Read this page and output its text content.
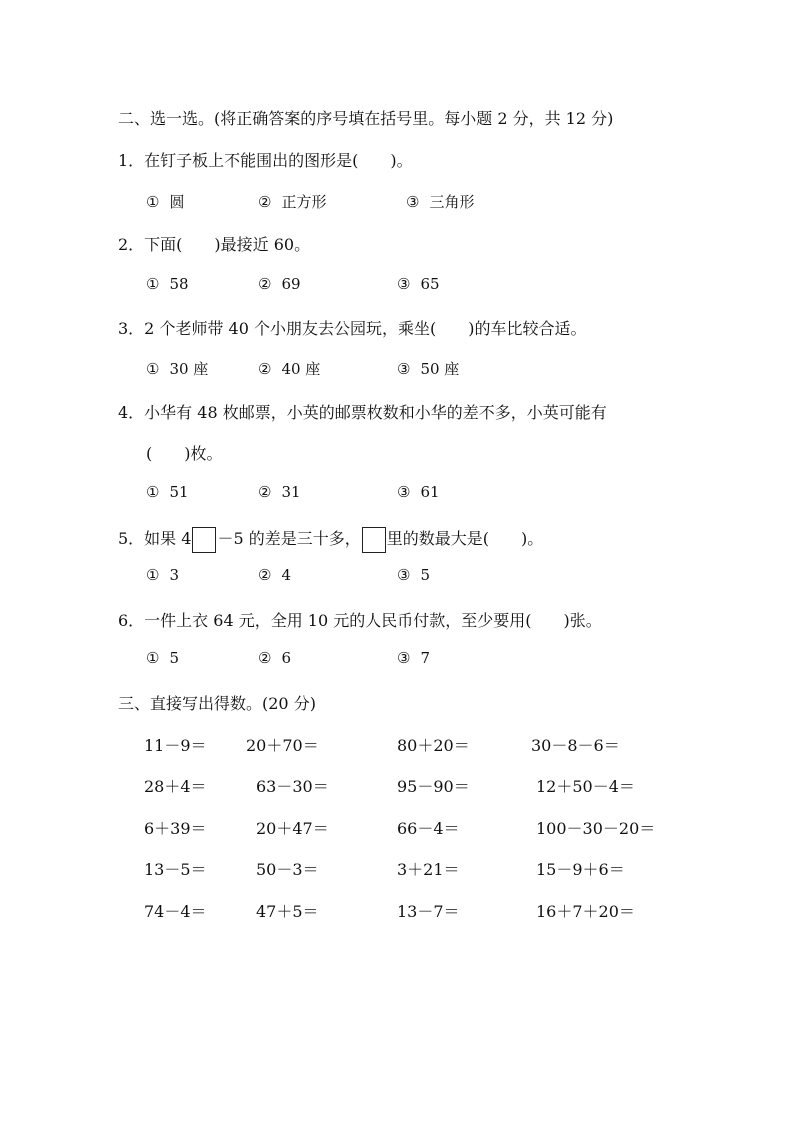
二、选一选。(将正确答案的序号填在括号里。每小题 2 分，共 12 分)
1．在钉子板上不能围出的图形是(　　)。
① 圆	② 正方形	③ 三角形
2．下面(　　)最接近 60。
① 58	② 69	③ 65
3．2 个老师带 40 个小朋友去公园玩，乘坐(　　)的车比较合适。
① 30 座	② 40 座	③ 50 座
4．小华有 48 枚邮票，小英的邮票枚数和小华的差不多，小英可能有
(　　)枚。
① 51	② 31	③ 61
5．如果 4 －5 的差是三十多， 里的数最大是(　　)。
① 3	② 4	③ 5
6．一件上衣 64 元，全用 10 元的人民币付款，至少要用(　　)张。
① 5	② 6	③ 7
三、直接写出得数。(20 分)
11－9＝ 20＋70＝	80＋20＝	30－8－6＝
28＋4＝	63－30＝	95－90＝	12＋50－4＝
6＋39＝	20＋47＝	66－4＝	100－30－20＝
13－5＝	50－3＝	3＋21＝	15－9＋6＝
74－4＝	47＋5＝	13－7＝	16＋7＋20＝
